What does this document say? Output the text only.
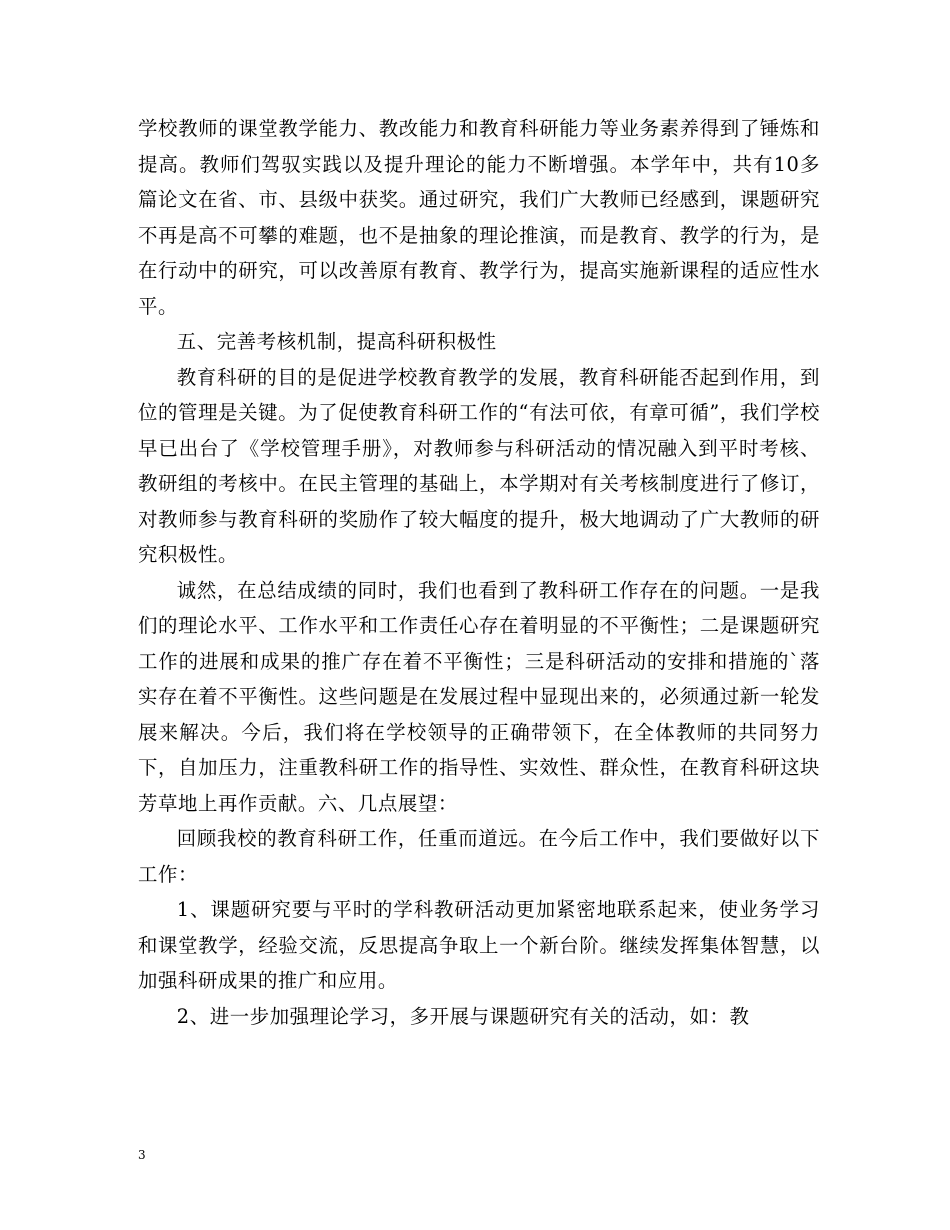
学校教师的课堂教学能力、教改能力和教育科研能力等业务素养得到了锤炼和提高。教师们驾驭实践以及提升理论的能力不断增强。本学年中，共有10多篇论文在省、市、县级中获奖。通过研究，我们广大教师已经感到，课题研究不再是高不可攀的难题，也不是抽象的理论推演，而是教育、教学的行为，是在行动中的研究，可以改善原有教育、教学行为，提高实施新课程的适应性水平。

五、完善考核机制，提高科研积极性

教育科研的目的是促进学校教育教学的发展，教育科研能否起到作用，到位的管理是关键。为了促使教育科研工作的“有法可依，有章可循”，我们学校早已出台了《学校管理手册》，对教师参与科研活动的情况融入到平时考核、教研组的考核中。在民主管理的基础上，本学期对有关考核制度进行了修订，对教师参与教育科研的奖励作了较大幅度的提升，极大地调动了广大教师的研究积极性。

诚然，在总结成绩的同时，我们也看到了教科研工作存在的问题。一是我们的理论水平、工作水平和工作责任心存在着明显的不平衡性；二是课题研究工作的进展和成果的推广存在着不平衡性；三是科研活动的安排和措施的`落实存在着不平衡性。这些问题是在发展过程中显现出来的，必须通过新一轮发展来解决。今后，我们将在学校领导的正确带领下，在全体教师的共同努力下，自加压力，注重教科研工作的指导性、实效性、群众性，在教育科研这块芳草地上再作贡献。六、几点展望：

回顾我校的教育科研工作，任重而道远。在今后工作中，我们要做好以下工作：

1、课题研究要与平时的学科教研活动更加紧密地联系起来，使业务学习和课堂教学，经验交流，反思提高争取上一个新台阶。继续发挥集体智慧，以加强科研成果的推广和应用。

2、进一步加强理论学习，多开展与课题研究有关的活动，如：教

3
